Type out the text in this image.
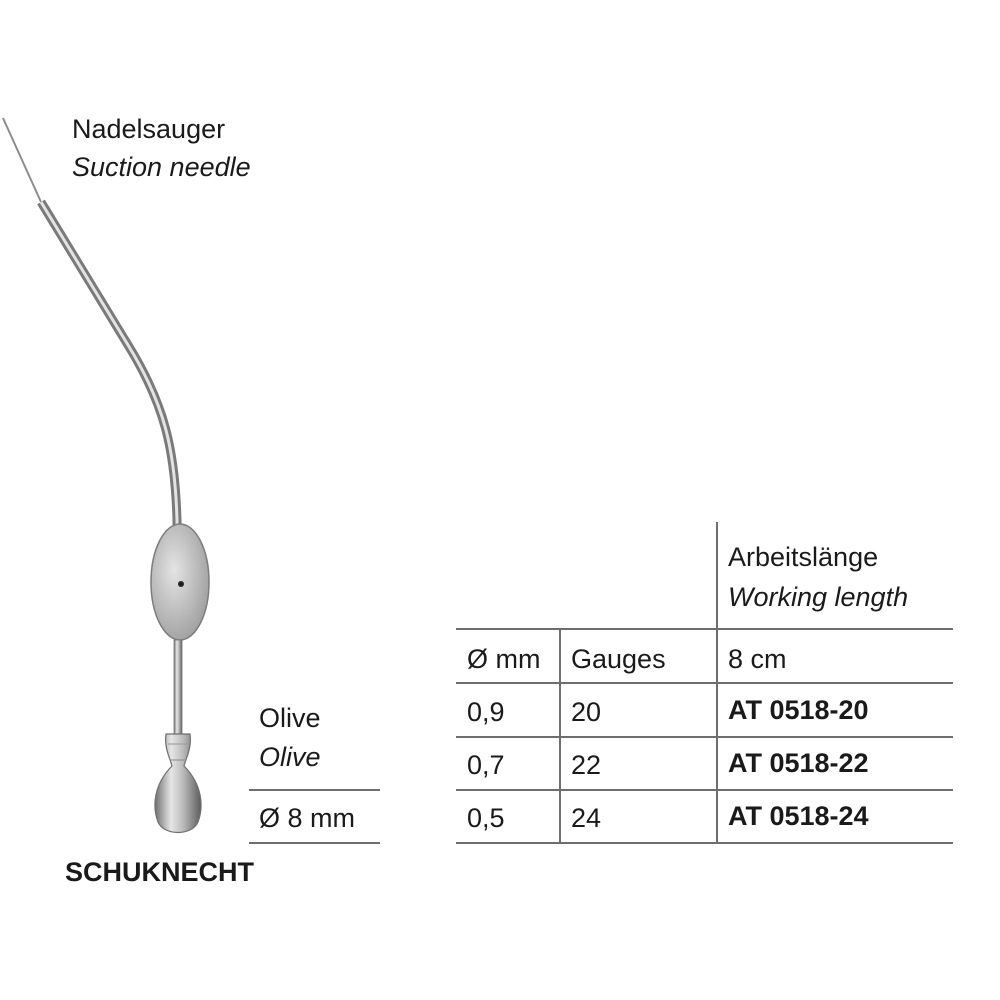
Nadelsauger
Suction needle
Olive
Olive
Ø 8 mm
SCHUKNECHT
Arbeitslänge
Working length
Ø mm Gauges 8 cm
0,9 20	AT 0518-20
0,7 22	AT 0518-22
0,5 24	AT 0518-24
